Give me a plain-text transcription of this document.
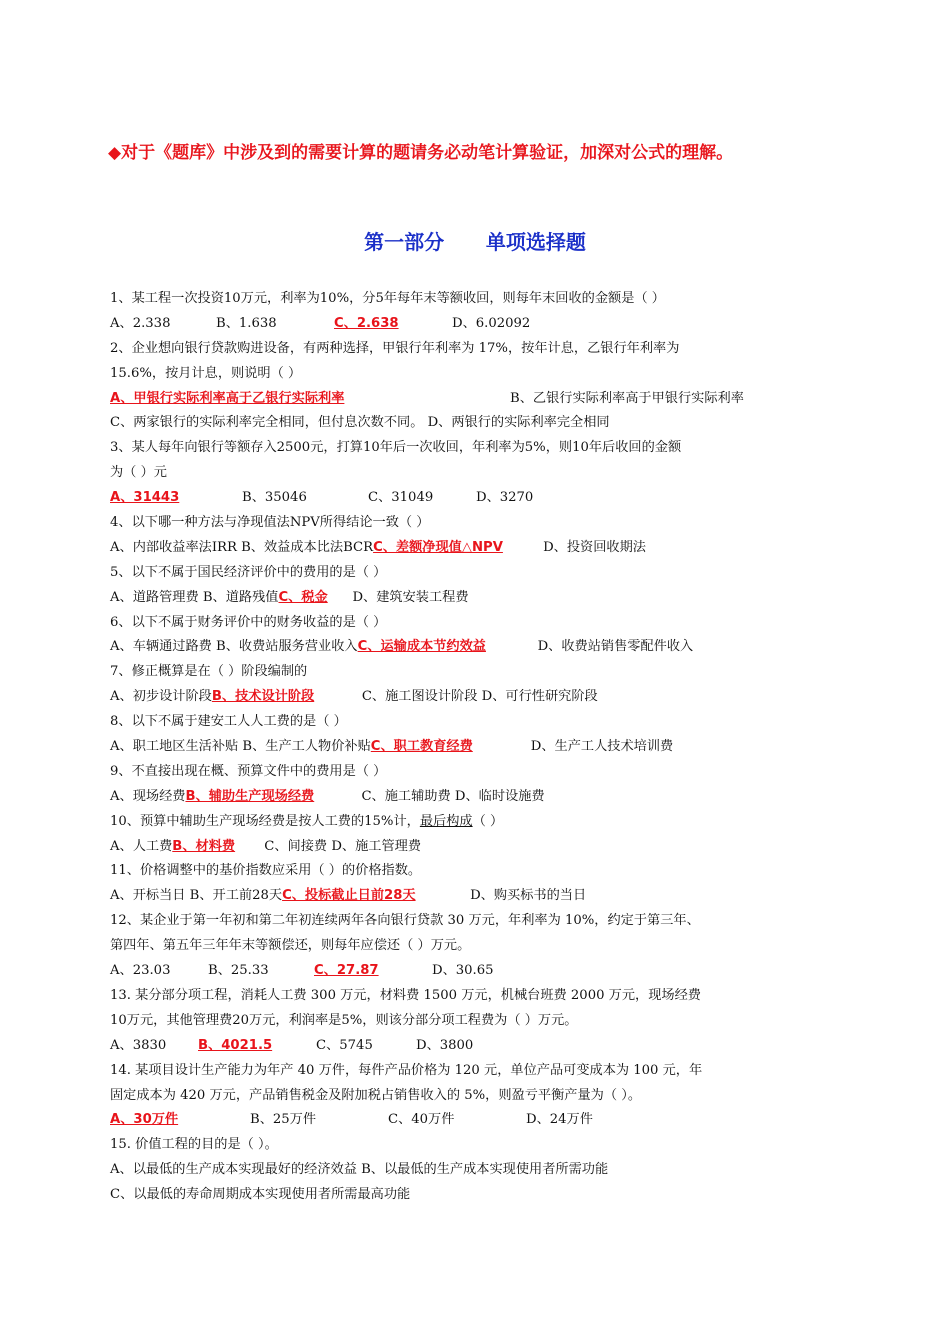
◆对于《题库》中涉及到的需要计算的题请务必动笔计算验证，加深对公式的理解。
第一部分      单项选择题
1、某工程一次投资10万元，利率为10%，分5年每年末等额收回，则每年末回收的金额是（ ）
A、2.338	B、1.638	C、2.638	D、6.02092
2、企业想向银行贷款购进设备，有两种选择，甲银行年利率为 17%，按年计息，乙银行年利率为
15.6%，按月计息，则说明（ ）
A、甲银行实际利率高于乙银行实际利率	B、乙银行实际利率高于甲银行实际利率
C、两家银行的实际利率完全相同，但付息次数不同。 D、两银行的实际利率完全相同
3、某人每年向银行等额存入2500元，打算10年后一次收回，年利率为5%，则10年后收回的金额
为（ ）元
A、31443	B、35046	C、31049	D、3270
4、以下哪一种方法与净现值法NPV所得结论一致（ ）
A、内部收益率法IRR B、效益成本比法BCRC、差额净现值△NPV	D、投资回收期法
5、以下不属于国民经济评价中的费用的是（ ）
A、道路管理费 B、道路残值C、税金 D、建筑安装工程费
6、以下不属于财务评价中的财务收益的是（ ）
A、车辆通过路费 B、收费站服务营业收入C、运输成本节约效益	D、收费站销售零配件收入
7、修正概算是在（ ）阶段编制的
A、初步设计阶段B、技术设计阶段	C、施工图设计阶段 D、可行性研究阶段
8、以下不属于建安工人人工费的是（ ）
A、职工地区生活补贴 B、生产工人物价补贴C、职工教育经费	D、生产工人技术培训费
9、不直接出现在概、预算文件中的费用是（ ）
A、现场经费B、辅助生产现场经费	C、施工辅助费 D、临时设施费
10、预算中辅助生产现场经费是按人工费的15%计，最后构成（ ）
A、人工费B、材料费 C、间接费 D、施工管理费
11、价格调整中的基价指数应采用（ ）的价格指数。
A、开标当日 B、开工前28天C、投标截止日前28天	D、购买标书的当日
12、某企业于第一年初和第二年初连续两年各向银行贷款 30 万元，年利率为 10%，约定于第三年、
第四年、第五年三年年末等额偿还，则每年应偿还（ ）万元。
A、23.03	B、25.33	C、27.87	D、30.65
13. 某分部分项工程，消耗人工费 300 万元，材料费 1500 万元，机械台班费 2000 万元，现场经费
10万元，其他管理费20万元，利润率是5%，则该分部分项工程费为（ ）万元。
A、3830 B、4021.5	C、5745	D、3800
14. 某项目设计生产能力为年产 40 万件，每件产品价格为 120 元，单位产品可变成本为 100 元，年
固定成本为 420 万元，产品销售税金及附加税占销售收入的 5%，则盈亏平衡产量为（ ）。
A、30万件	B、25万件	C、40万件	D、24万件
15. 价值工程的目的是（ ）。
A、以最低的生产成本实现最好的经济效益 B、以最低的生产成本实现使用者所需功能
C、以最低的寿命周期成本实现使用者所需最高功能
